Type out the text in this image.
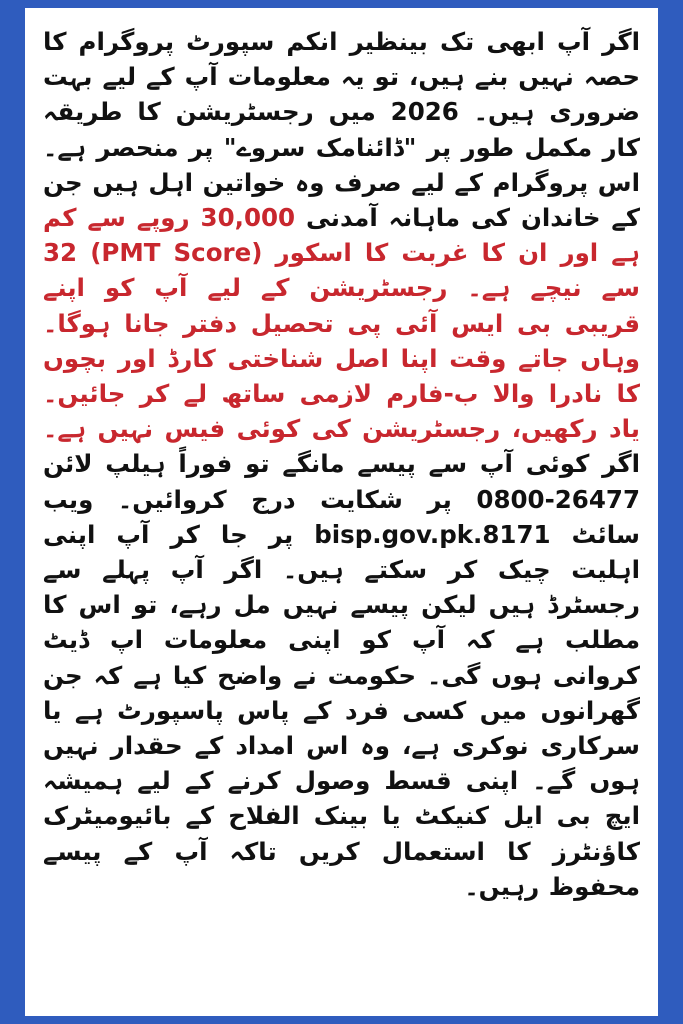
اگر آپ ابھی تک بینظیر انکم سپورٹ پروگرام کا حصہ نہیں بنے ہیں، تو یہ معلومات آپ کے لیے بہت ضروری ہیں۔ 2026 میں رجسٹریشن کا طریقہ کار مکمل طور پر "ڈائنامک سروے" پر منحصر ہے۔ اس پروگرام کے لیے صرف وہ خواتین اہل ہیں جن کے خاندان کی ماہانہ آمدنی 30,000 روپے سے کم ہے اور ان کا غربت کا اسکور (PMT Score) 32 سے نیچے ہے۔ رجسٹریشن کے لیے آپ کو اپنے قریبی بی ایس آئی پی تحصیل دفتر جانا ہوگا۔ وہاں جاتے وقت اپنا اصل شناختی کارڈ اور بچوں کا نادرا والا ب-فارم لازمی ساتھ لے کر جائیں۔ یاد رکھیں، رجسٹریشن کی کوئی فیس نہیں ہے۔ اگر کوئی آپ سے پیسے مانگے تو فوراً ہیلپ لائن 0800-26477 پر شکایت درج کروائیں۔ ویب سائٹ bisp.gov.pk.8171 پر جا کر آپ اپنی اہلیت چیک کر سکتے ہیں۔ اگر آپ پہلے سے رجسٹرڈ ہیں لیکن پیسے نہیں مل رہے، تو اس کا مطلب ہے کہ آپ کو اپنی معلومات اپ ڈیٹ کروانی ہوں گی۔ حکومت نے واضح کیا ہے کہ جن گھرانوں میں کسی فرد کے پاس پاسپورٹ ہے یا سرکاری نوکری ہے، وہ اس امداد کے حقدار نہیں ہوں گے۔ اپنی قسط وصول کرنے کے لیے ہمیشہ ایچ بی ایل کنیکٹ یا بینک الفلاح کے بائیومیٹرک کاؤنٹرز کا استعمال کریں تاکہ آپ کے پیسے محفوظ رہیں۔
